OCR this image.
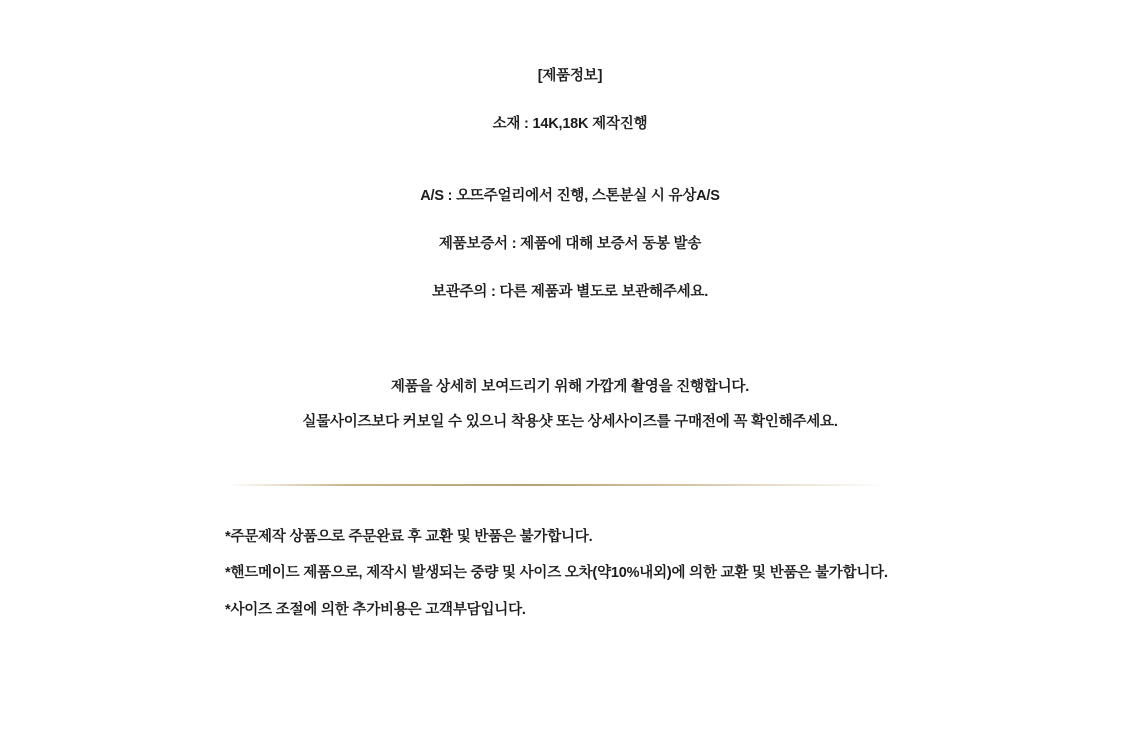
[제품정보]
소재 : 14K,18K 제작진행
A/S : 오뜨주얼리에서 진행, 스톤분실 시 유상A/S
제품보증서 : 제품에 대해 보증서 동봉 발송
보관주의 : 다른 제품과 별도로 보관해주세요.
제품을 상세히 보여드리기 위해 가깝게 촬영을 진행합니다.
실물사이즈보다 커보일 수 있으니 착용샷 또는 상세사이즈를 구매전에 꼭 확인해주세요.
*주문제작 상품으로 주문완료 후 교환 및 반품은 불가합니다.
*핸드메이드 제품으로, 제작시 발생되는 중량 및 사이즈 오차(약10%내외)에 의한 교환 및 반품은 불가합니다.
*사이즈 조절에 의한 추가비용은 고객부담입니다.
